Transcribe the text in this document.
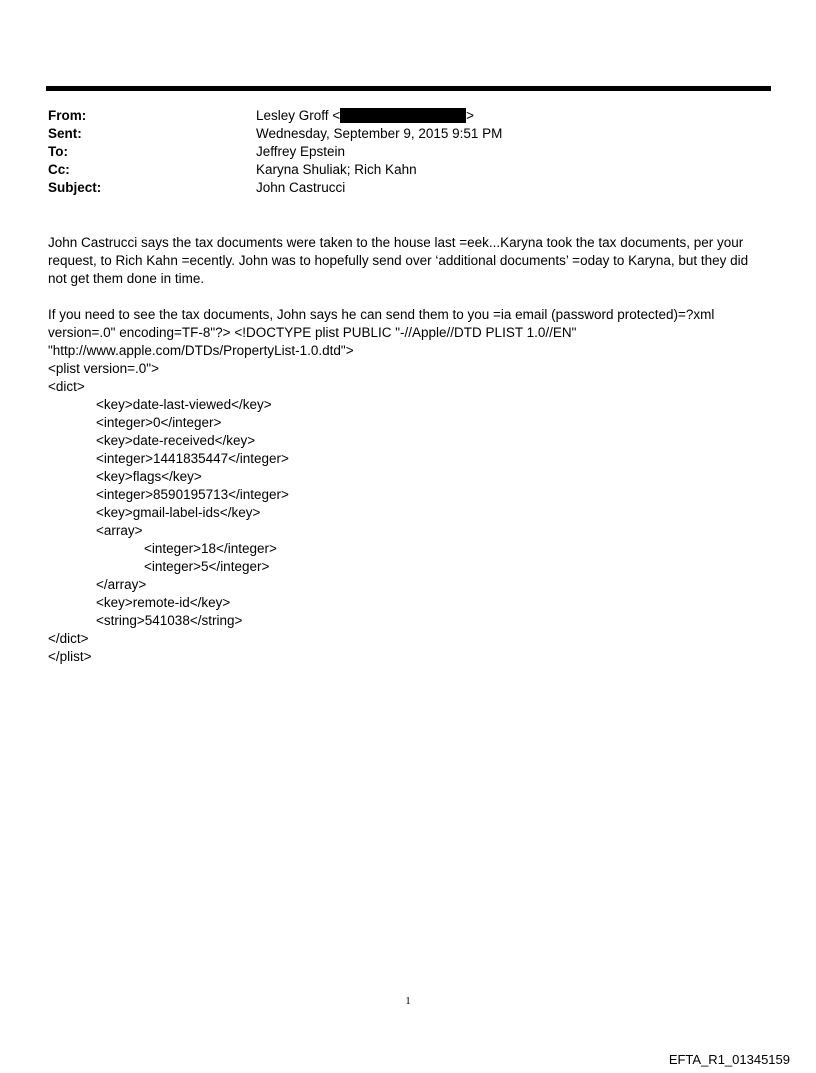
From:	Lesley Groff <	>
Sent:	Wednesday, September 9, 2015 9:51 PM
To:	Jeffrey Epstein
Cc:	Karyna Shuliak; Rich Kahn
Subject:	John Castrucci

John Castrucci says the tax documents were taken to the house last =eek...Karyna took the tax documents, per your request, to Rich Kahn =ecently. John was to hopefully send over ‘additional documents’ =oday to Karyna, but they did not get them done in time.

If you need to see the tax documents, John says he can send them to you =ia email (password protected)=?xml version=.0" encoding=TF-8"?> <!DOCTYPE plist PUBLIC "-//Apple//DTD PLIST 1.0//EN" "http://www.apple.com/DTDs/PropertyList-1.0.dtd">

<plist version=.0">
<dict>
<key>date-last-viewed</key>
<integer>0</integer>
<key>date-received</key>
<integer>1441835447</integer>
<key>flags</key>
<integer>8590195713</integer>
<key>gmail-label-ids</key>
<array>
<integer>18</integer>
<integer>5</integer>
</array>
<key>remote-id</key>
<string>541038</string>
</dict>
</plist>
1
EFTA_R1_01345159
